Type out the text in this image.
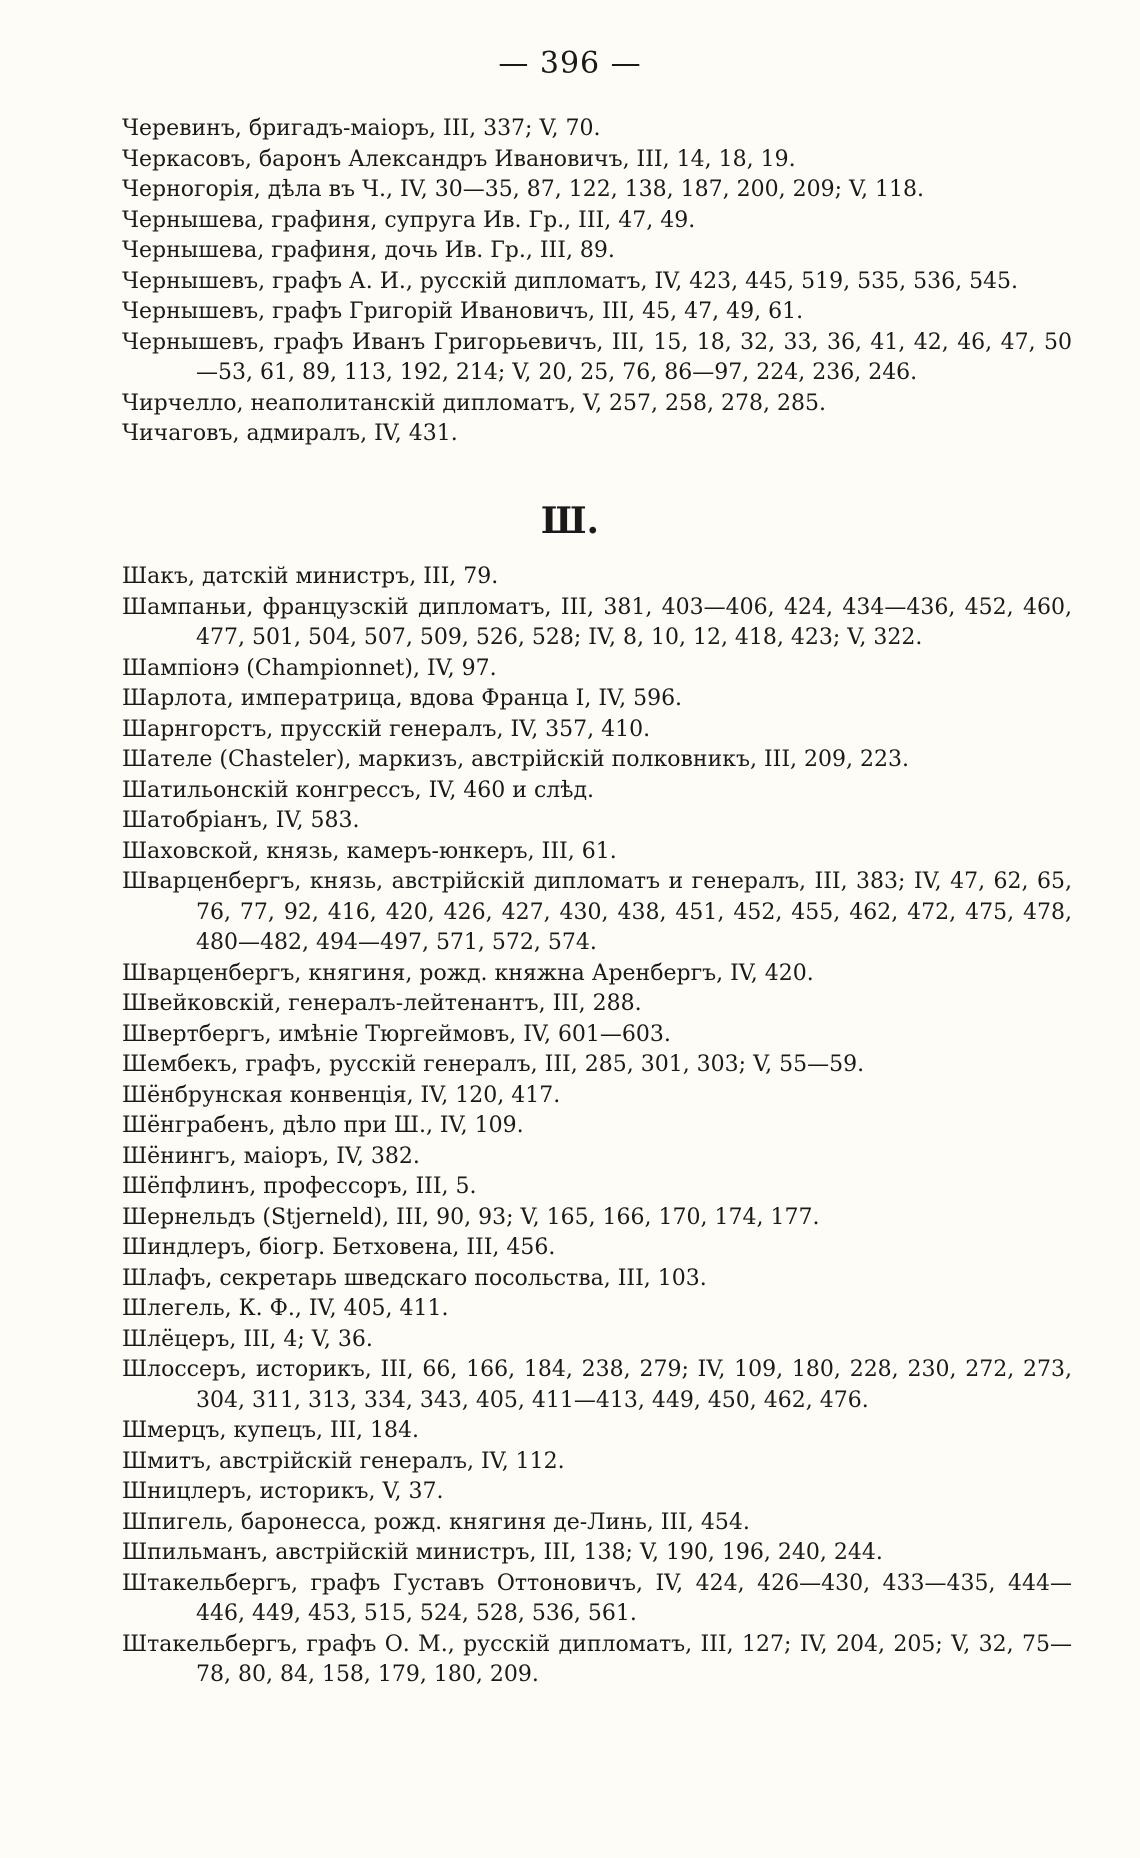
— 396 —

Черевинъ, бригадъ-маіоръ, III, 337; V, 70.

Черкасовъ, баронъ Александръ Ивановичъ, III, 14, 18, 19.

Черногорія, дѣла въ Ч., IV, 30—35, 87, 122, 138, 187, 200, 209; V, 118.

Чернышева, графиня, супруга Ив. Гр., III, 47, 49.

Чернышева, графиня, дочь Ив. Гр., III, 89.

Чернышевъ, графъ А. И., русскій дипломатъ, IV, 423, 445, 519, 535, 536, 545.

Чернышевъ, графъ Григорій Ивановичъ, III, 45, 47, 49, 61.

Чернышевъ, графъ Иванъ Григорьевичъ, III, 15, 18, 32, 33, 36, 41, 42, 46, 47, 50—53, 61, 89, 113, 192, 214; V, 20, 25, 76, 86—97, 224, 236, 246.

Чирчелло, неаполитанскій дипломатъ, V, 257, 258, 278, 285.

Чичаговъ, адмиралъ, IV, 431.

Ш.

Шакъ, датскій министръ, III, 79.

Шампаньи, французскій дипломатъ, III, 381, 403—406, 424, 434—436, 452, 460, 477, 501, 504, 507, 509, 526, 528; IV, 8, 10, 12, 418, 423; V, 322.

Шампіонэ (Championnet), IV, 97.

Шарлота, императрица, вдова Франца I, IV, 596.

Шарнгорстъ, прусскій генералъ, IV, 357, 410.

Шателе (Chasteler), маркизъ, австрійскій полковникъ, III, 209, 223.

Шатильонскій конгрессъ, IV, 460 и слѣд.

Шатобріанъ, IV, 583.

Шаховской, князь, камеръ-юнкеръ, III, 61.

Шварценбергъ, князь, австрійскій дипломатъ и генералъ, III, 383; IV, 47, 62, 65, 76, 77, 92, 416, 420, 426, 427, 430, 438, 451, 452, 455, 462, 472, 475, 478, 480—482, 494—497, 571, 572, 574.

Шварценбергъ, княгиня, рожд. княжна Аренбергъ, IV, 420.

Швейковскій, генералъ-лейтенантъ, III, 288.

Швертбергъ, имѣніе Тюргеймовъ, IV, 601—603.

Шембекъ, графъ, русскій генералъ, III, 285, 301, 303; V, 55—59.

Шёнбрунская конвенція, IV, 120, 417.

Шёнграбенъ, дѣло при Ш., IV, 109.

Шёнингъ, маіоръ, IV, 382.

Шёпфлинъ, профессоръ, III, 5.

Шернельдъ (Stjerneld), III, 90, 93; V, 165, 166, 170, 174, 177.

Шиндлеръ, біогр. Бетховена, III, 456.

Шлафъ, секретарь шведскаго посольства, III, 103.

Шлегель, К. Ф., IV, 405, 411.

Шлёцеръ, III, 4; V, 36.

Шлоссеръ, историкъ, III, 66, 166, 184, 238, 279; IV, 109, 180, 228, 230, 272, 273, 304, 311, 313, 334, 343, 405, 411—413, 449, 450, 462, 476.

Шмерцъ, купецъ, III, 184.

Шмитъ, австрійскій генералъ, IV, 112.

Шницлеръ, историкъ, V, 37.

Шпигель, баронесса, рожд. княгиня де-Линь, III, 454.

Шпильманъ, австрійскій министръ, III, 138; V, 190, 196, 240, 244.

Штакельбергъ, графъ Густавъ Оттоновичъ, IV, 424, 426—430, 433—435, 444—446, 449, 453, 515, 524, 528, 536, 561.

Штакельбергъ, графъ О. М., русскій дипломатъ, III, 127; IV, 204, 205; V, 32, 75—78, 80, 84, 158, 179, 180, 209.
